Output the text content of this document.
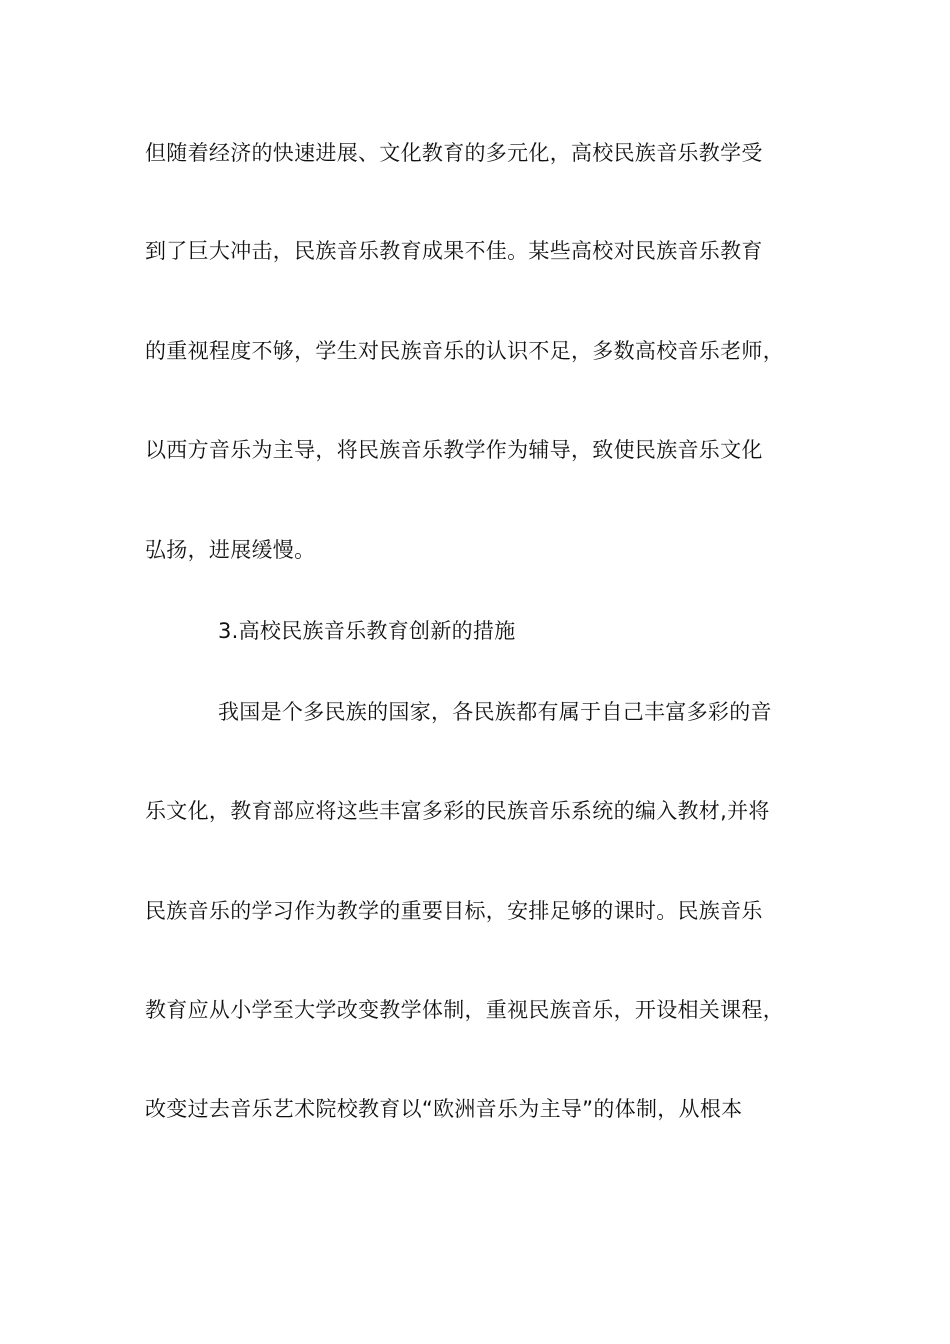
但随着经济的快速进展、文化教育的多元化，高校民族音乐教学受
到了巨大冲击，民族音乐教育成果不佳。某些高校对民族音乐教育
的重视程度不够，学生对民族音乐的认识不足，多数高校音乐老师，
以西方音乐为主导，将民族音乐教学作为辅导，致使民族音乐文化
弘扬，进展缓慢。
3.高校民族音乐教育创新的措施
我国是个多民族的国家，各民族都有属于自己丰富多彩的音
乐文化，教育部应将这些丰富多彩的民族音乐系统的编入教材,并将
民族音乐的学习作为教学的重要目标，安排足够的课时。民族音乐
教育应从小学至大学改变教学体制，重视民族音乐，开设相关课程，
改变过去音乐艺术院校教育以“欧洲音乐为主导”的体制，从根本
